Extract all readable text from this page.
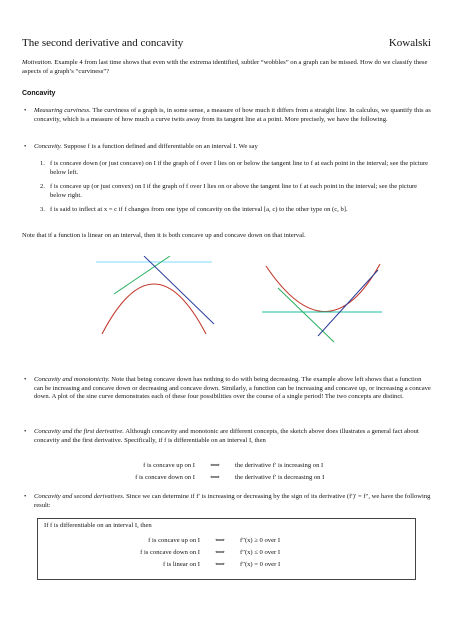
The second derivative and concavity	Kowalski
Motivation. Example 4 from last time shows that even with the extrema identified, subtler “wobbles” on a graph can be missed. How do we classify these aspects of a graph’s “curviness”?
Concavity
• Measuring curviness. The curviness of a graph is, in some sense, a measure of how much it differs from a straight line. In calculus, we quantify this as concavity, which is a measure of how much a curve twits away from its tangent line at a point. More precisely, we have the following.
• Concavity. Suppose f is a function defined and differentiable on an interval I. We say
1. f is concave down (or just concave) on I if the graph of f over I lies on or below the tangent line to f at each point in the interval; see the picture below left.
2. f is concave up (or just convex) on I if the graph of f over I lies on or above the tangent line to f at each point in the interval; see the picture below right.
3. f is said to inflect at x = c if f changes from one type of concavity on the interval [a, c) to the other type on (c, b].
Note that if a function is linear on an interval, then it is both concave up and concave down on that interval.
• Concavity and monotonicity. Note that being concave down has nothing to do with being decreasing. The example above left shows that a function can be increasing and concave down or decreasing and concave down. Similarly, a function can be increasing and concave up, or increasing a concave down. A plot of the sine curve demonstrates each of these four possibilities over the course of a single period! The two concepts are distinct.
• Concavity and the first derivative. Although concavity and monotonic are different concepts, the sketch above does illustrates a general fact about concavity and the first derivative. Specifically, if f is differentiable on an interval I, then
f is concave up on I	⟺	the derivative f′ is increasing on I
f is concave down on I	⟺	the derivative f′ is decreasing on I
• Concavity and second derivatives. Since we can determine if f′ is increasing or decreasing by the sign of its derivative (f′)′ = f″, we have the following result:
If f is differentiable on an interval I, then
f is concave up on I	⟺	f″(x) ≥ 0 over I
f is concave down on I	⟺	f″(x) ≤ 0 over I
f is linear on I	⟺	f″(x) = 0 over I
